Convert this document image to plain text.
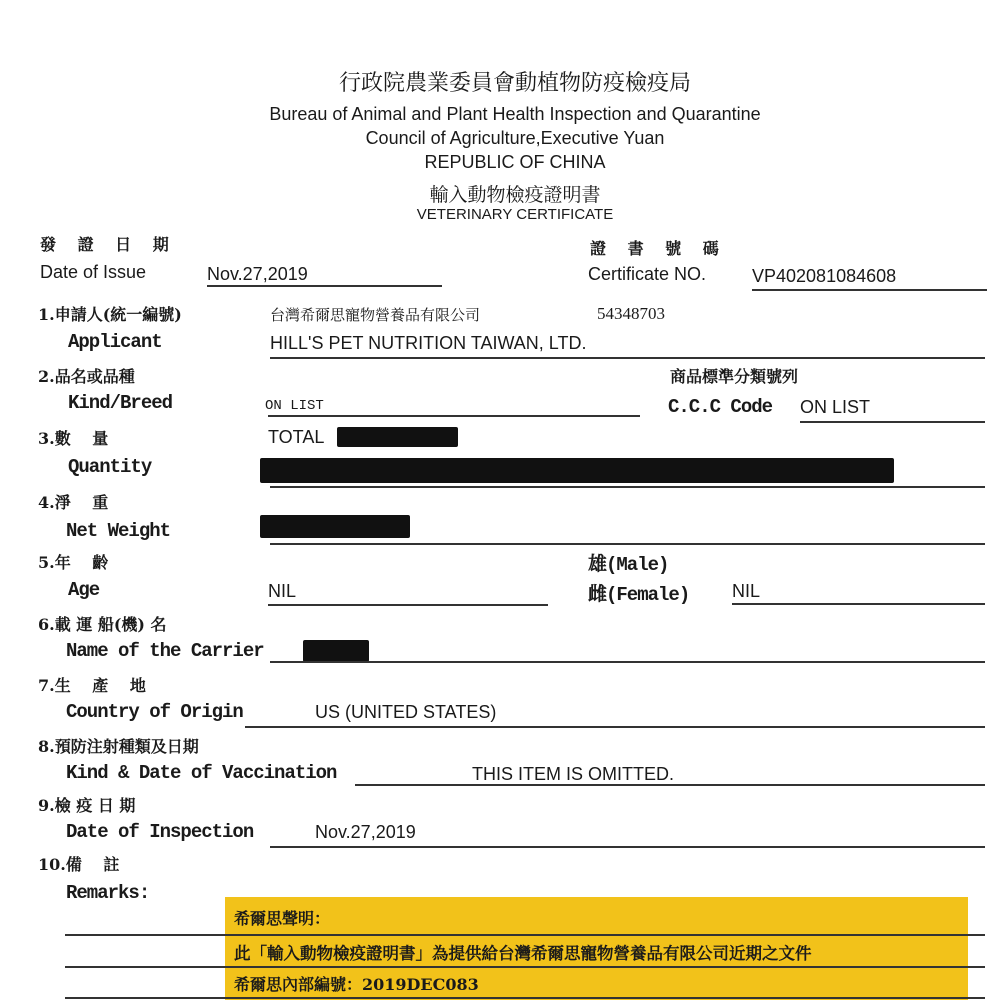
行政院農業委員會動植物防疫檢疫局
Bureau of Animal and Plant Health Inspection and Quarantine
Council of Agriculture,Executive Yuan
REPUBLIC OF CHINA
輸入動物檢疫證明書
VETERINARY CERTIFICATE
發 證 日 期	證 書 號 碼
Date of Issue	Nov.27,2019	Certificate NO.	VP402081084608
1.申請人(統一編號)	台灣希爾思寵物營養品有限公司	54348703
Applicant	HILL'S PET NUTRITION TAIWAN, LTD.
2.品名或品種	商品標準分類號列
Kind/Breed	ON LIST	C.C.C Code ON LIST
3.數　 量	TOTAL
Quantity
4.淨　 重
Net Weight
5.年　 齡	雄(Male)
Age	NIL	雌(Female) NIL
6.載 運 船(機) 名
Name of the Carrier
7.生　 產　 地
Country of Origin	US (UNITED STATES)
8.預防注射種類及日期
Kind & Date of Vaccination	THIS ITEM IS OMITTED.
9.檢 疫 日 期
Date of Inspection	Nov.27,2019
10.備　 註
Remarks:
希爾思聲明：
此「輸入動物檢疫證明書」為提供給台灣希爾思寵物營養品有限公司近期之文件
希爾思內部編號：2019DEC083
